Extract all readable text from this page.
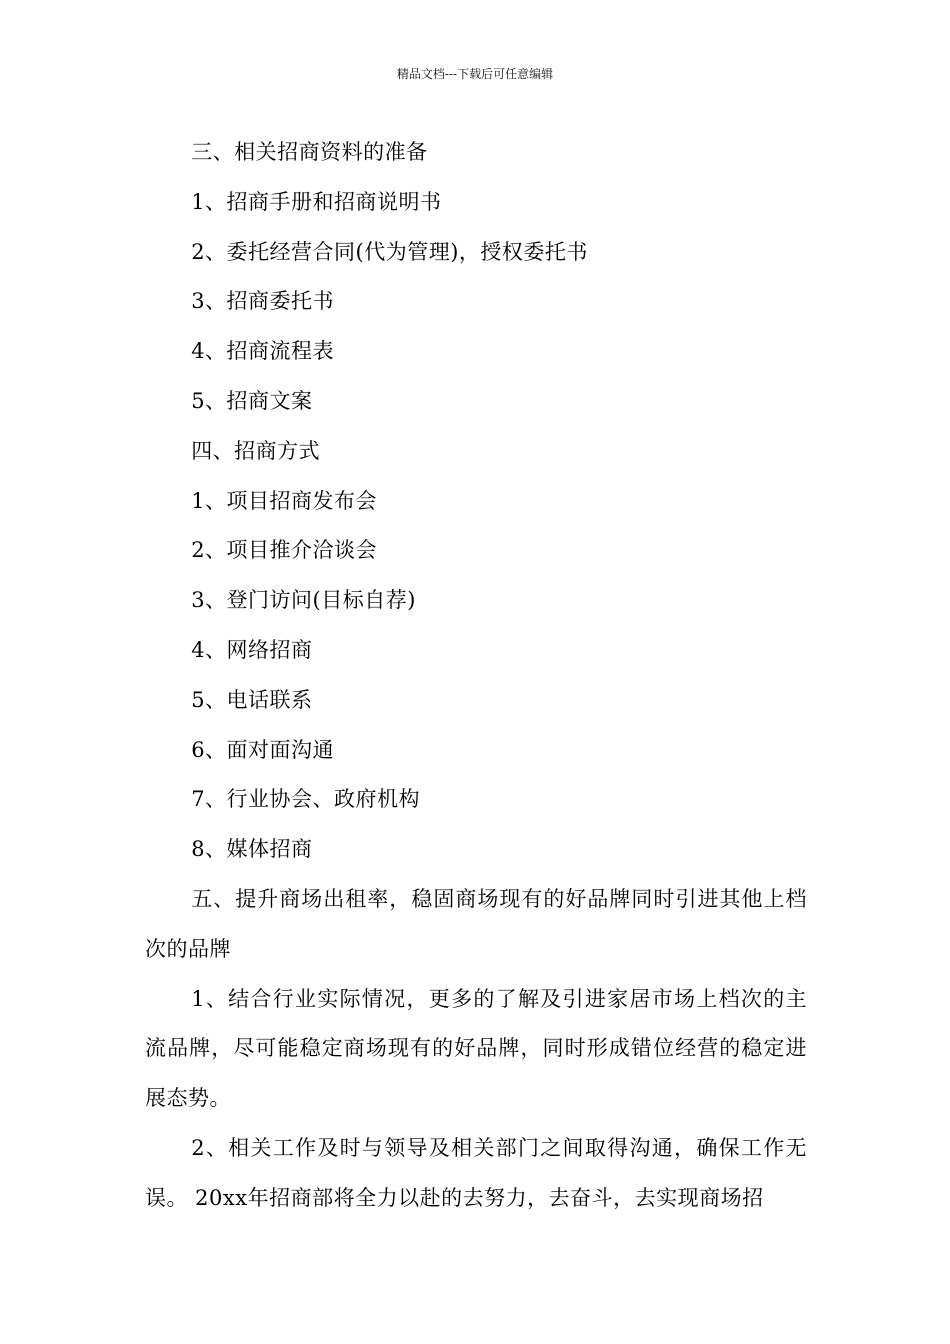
精品文档---下载后可任意编辑

三、相关招商资料的准备

1、招商手册和招商说明书

2、委托经营合同(代为管理)，授权委托书

3、招商委托书

4、招商流程表

5、招商文案

四、招商方式

1、项目招商发布会

2、项目推介洽谈会

3、登门访问(目标自荐)

4、网络招商

5、电话联系

6、面对面沟通

7、行业协会、政府机构

8、媒体招商

五、提升商场出租率，稳固商场现有的好品牌同时引进其他上档次的品牌

1、结合行业实际情况，更多的了解及引进家居市场上档次的主流品牌，尽可能稳定商场现有的好品牌，同时形成错位经营的稳定进展态势。

2、相关工作及时与领导及相关部门之间取得沟通，确保工作无误。 20xx年招商部将全力以赴的去努力，去奋斗，去实现商场招
